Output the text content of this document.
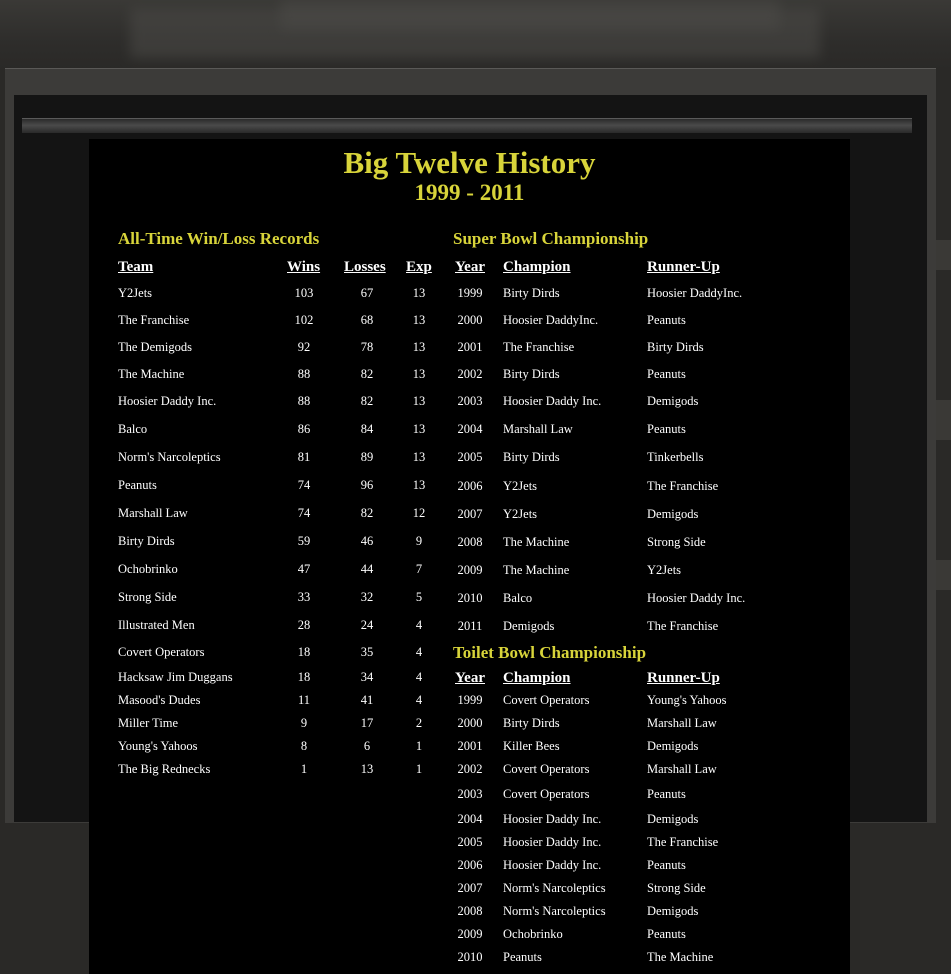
Big Twelve History
1999 - 2011
All-Time Win/Loss Records
Team	Wins Losses Exp
Y2Jets	103	67	13
The Franchise	102	68	13
The Demigods	92	78	13
The Machine	88	82	13
Hoosier Daddy Inc.	88	82	13
Balco	86	84	13
Norm's Narcoleptics	81	89	13
Peanuts	74	96	13
Marshall Law	74	82	12
Birty Dirds	59	46	9
Ochobrinko	47	44	7
Strong Side	33	32	5
Illustrated Men	28	24	4
Covert Operators	18	35	4
Hacksaw Jim Duggans	18	34	4
Masood's Dudes	11	41	4
Miller Time	9	17	2
Young's Yahoos	8	6	1
The Big Rednecks	1	13	1
Super Bowl Championship
Year Champion	Runner-Up
1999	Birty Dirds	Hoosier DaddyInc.
2000	Hoosier DaddyInc.	Peanuts
2001	The Franchise	Birty Dirds
2002	Birty Dirds	Peanuts
2003	Hoosier Daddy Inc.	Demigods
2004	Marshall Law	Peanuts
2005	Birty Dirds	Tinkerbells
2006	Y2Jets	The Franchise
2007	Y2Jets	Demigods
2008	The Machine	Strong Side
2009	The Machine	Y2Jets
2010	Balco	Hoosier Daddy Inc.
2011	Demigods	The Franchise
Toilet Bowl Championship
Year Champion	Runner-Up
1999	Covert Operators	Young's Yahoos
2000	Birty Dirds	Marshall Law
2001	Killer Bees	Demigods
2002	Covert Operators	Marshall Law
2003	Covert Operators	Peanuts
2004	Hoosier Daddy Inc.	Demigods
2005	Hoosier Daddy Inc.	The Franchise
2006	Hoosier Daddy Inc.	Peanuts
2007	Norm's Narcoleptics	Strong Side
2008	Norm's Narcoleptics	Demigods
2009	Ochobrinko	Peanuts
2010	Peanuts	The Machine
